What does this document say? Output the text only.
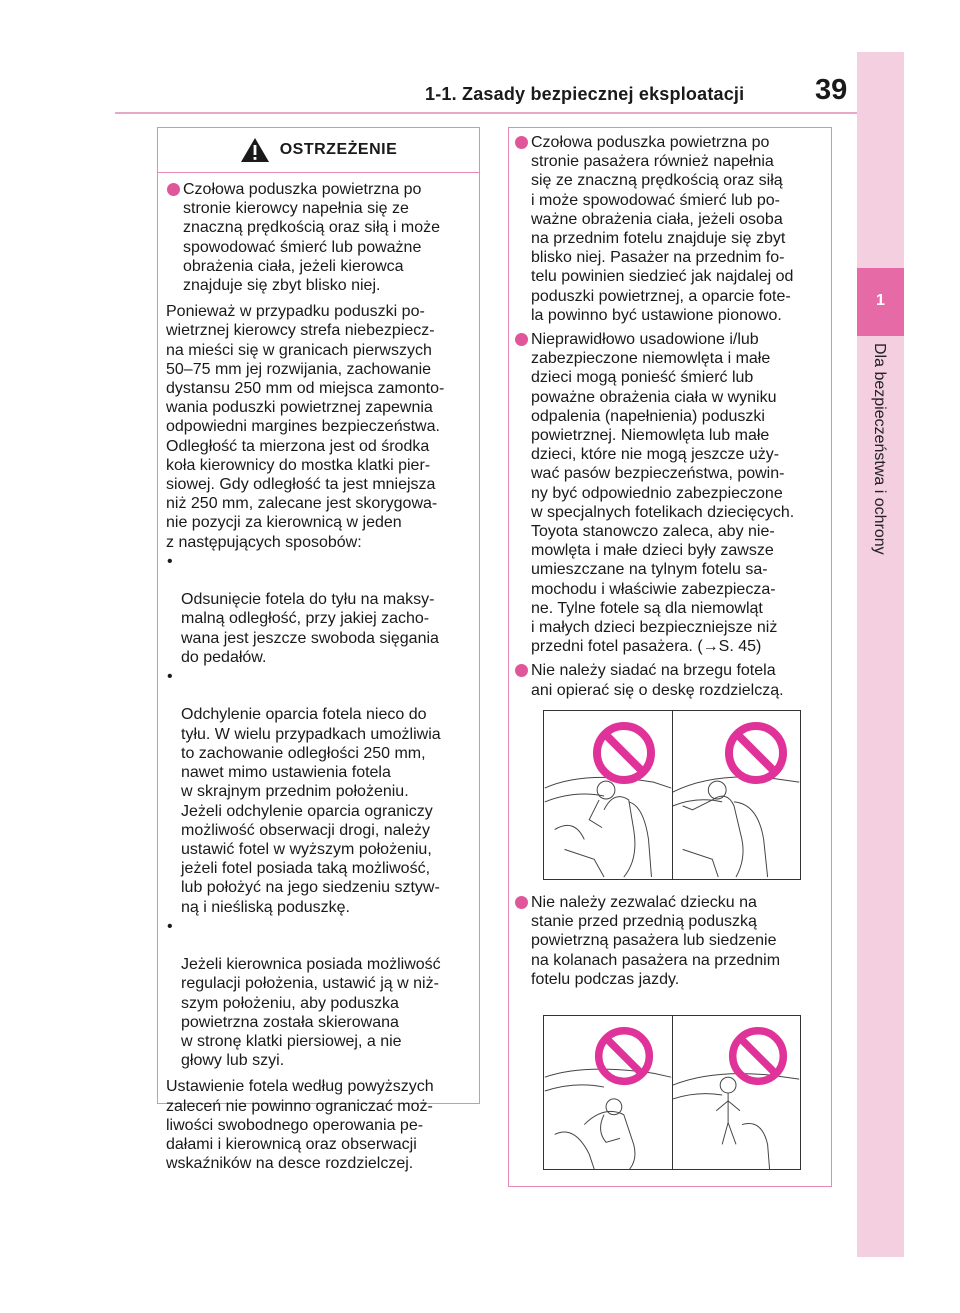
1-1. Zasady bezpiecznej eksploatacji 39
1
Dla bezpieczeństwa i ochrony
OSTRZEŻENIE
Czołowa poduszka powietrzna po
stronie kierowcy napełnia się ze
znaczną prędkością oraz siłą i może
spowodować śmierć lub poważne
obrażenia ciała, jeżeli kierowca
znajduje się zbyt blisko niej.
Ponieważ w przypadku poduszki po-
wietrznej kierowcy strefa niebezpiecz-
na mieści się w granicach pierwszych
50–75 mm jej rozwijania, zachowanie
dystansu 250 mm od miejsca zamonto-
wania poduszki powietrznej zapewnia
odpowiedni margines bezpieczeństwa.
Odległość ta mierzona jest od środka
koła kierownicy do mostka klatki pier-
siowej. Gdy odległość ta jest mniejsza
niż 250 mm, zalecane jest skorygowa-
nie pozycji za kierownicą w jeden
z następujących sposobów:

•

Odsunięcie fotela do tyłu na maksy-
malną odległość, przy jakiej zacho-
wana jest jeszcze swoboda sięgania
do pedałów.

•

Odchylenie oparcia fotela nieco do
tyłu. W wielu przypadkach umożliwia
to zachowanie odległości 250 mm,
nawet mimo ustawienia fotela
w skrajnym przednim położeniu.
Jeżeli odchylenie oparcia ograniczy
możliwość obserwacji drogi, należy
ustawić fotel w wyższym położeniu,
jeżeli fotel posiada taką możliwość,
lub położyć na jego siedzeniu sztyw-
ną i nieśliską poduszkę.

•

Jeżeli kierownica posiada możliwość
regulacji położenia, ustawić ją w niż-
szym położeniu, aby poduszka
powietrzna została skierowana
w stronę klatki piersiowej, a nie
głowy lub szyi.

Ustawienie fotela według powyższych
zaleceń nie powinno ograniczać moż-
liwości swobodnego operowania pe-
dałami i kierownicą oraz obserwacji
wskaźników na desce rozdzielczej.
Czołowa poduszka powietrzna po
stronie pasażera również napełnia
się ze znaczną prędkością oraz siłą
i może spowodować śmierć lub po-
ważne obrażenia ciała, jeżeli osoba
na przednim fotelu znajduje się zbyt
blisko niej. Pasażer na przednim fo-
telu powinien siedzieć jak najdalej od
poduszki powietrznej, a oparcie fote-
la powinno być ustawione pionowo.
Nieprawidłowo usadowione i/lub
zabezpieczone niemowlęta i małe
dzieci mogą ponieść śmierć lub
poważne obrażenia ciała w wyniku
odpalenia (napełnienia) poduszki
powietrznej. Niemowlęta lub małe
dzieci, które nie mogą jeszcze uży-
wać pasów bezpieczeństwa, powin-
ny być odpowiednio zabezpieczone
w specjalnych fotelikach dziecięcych.
Toyota stanowczo zaleca, aby nie-
mowlęta i małe dzieci były zawsze
umieszczane na tylnym fotelu sa-
mochodu i właściwie zabezpiecza-
ne. Tylne fotele są dla niemowląt
i małych dzieci bezpieczniejsze niż
przedni fotel pasażera. (→S. 45)
Nie należy siadać na brzegu fotela
ani opierać się o deskę rozdzielczą.
Nie należy zezwalać dziecku na
stanie przed przednią poduszką
powietrzną pasażera lub siedzenie
na kolanach pasażera na przednim
fotelu podczas jazdy.
